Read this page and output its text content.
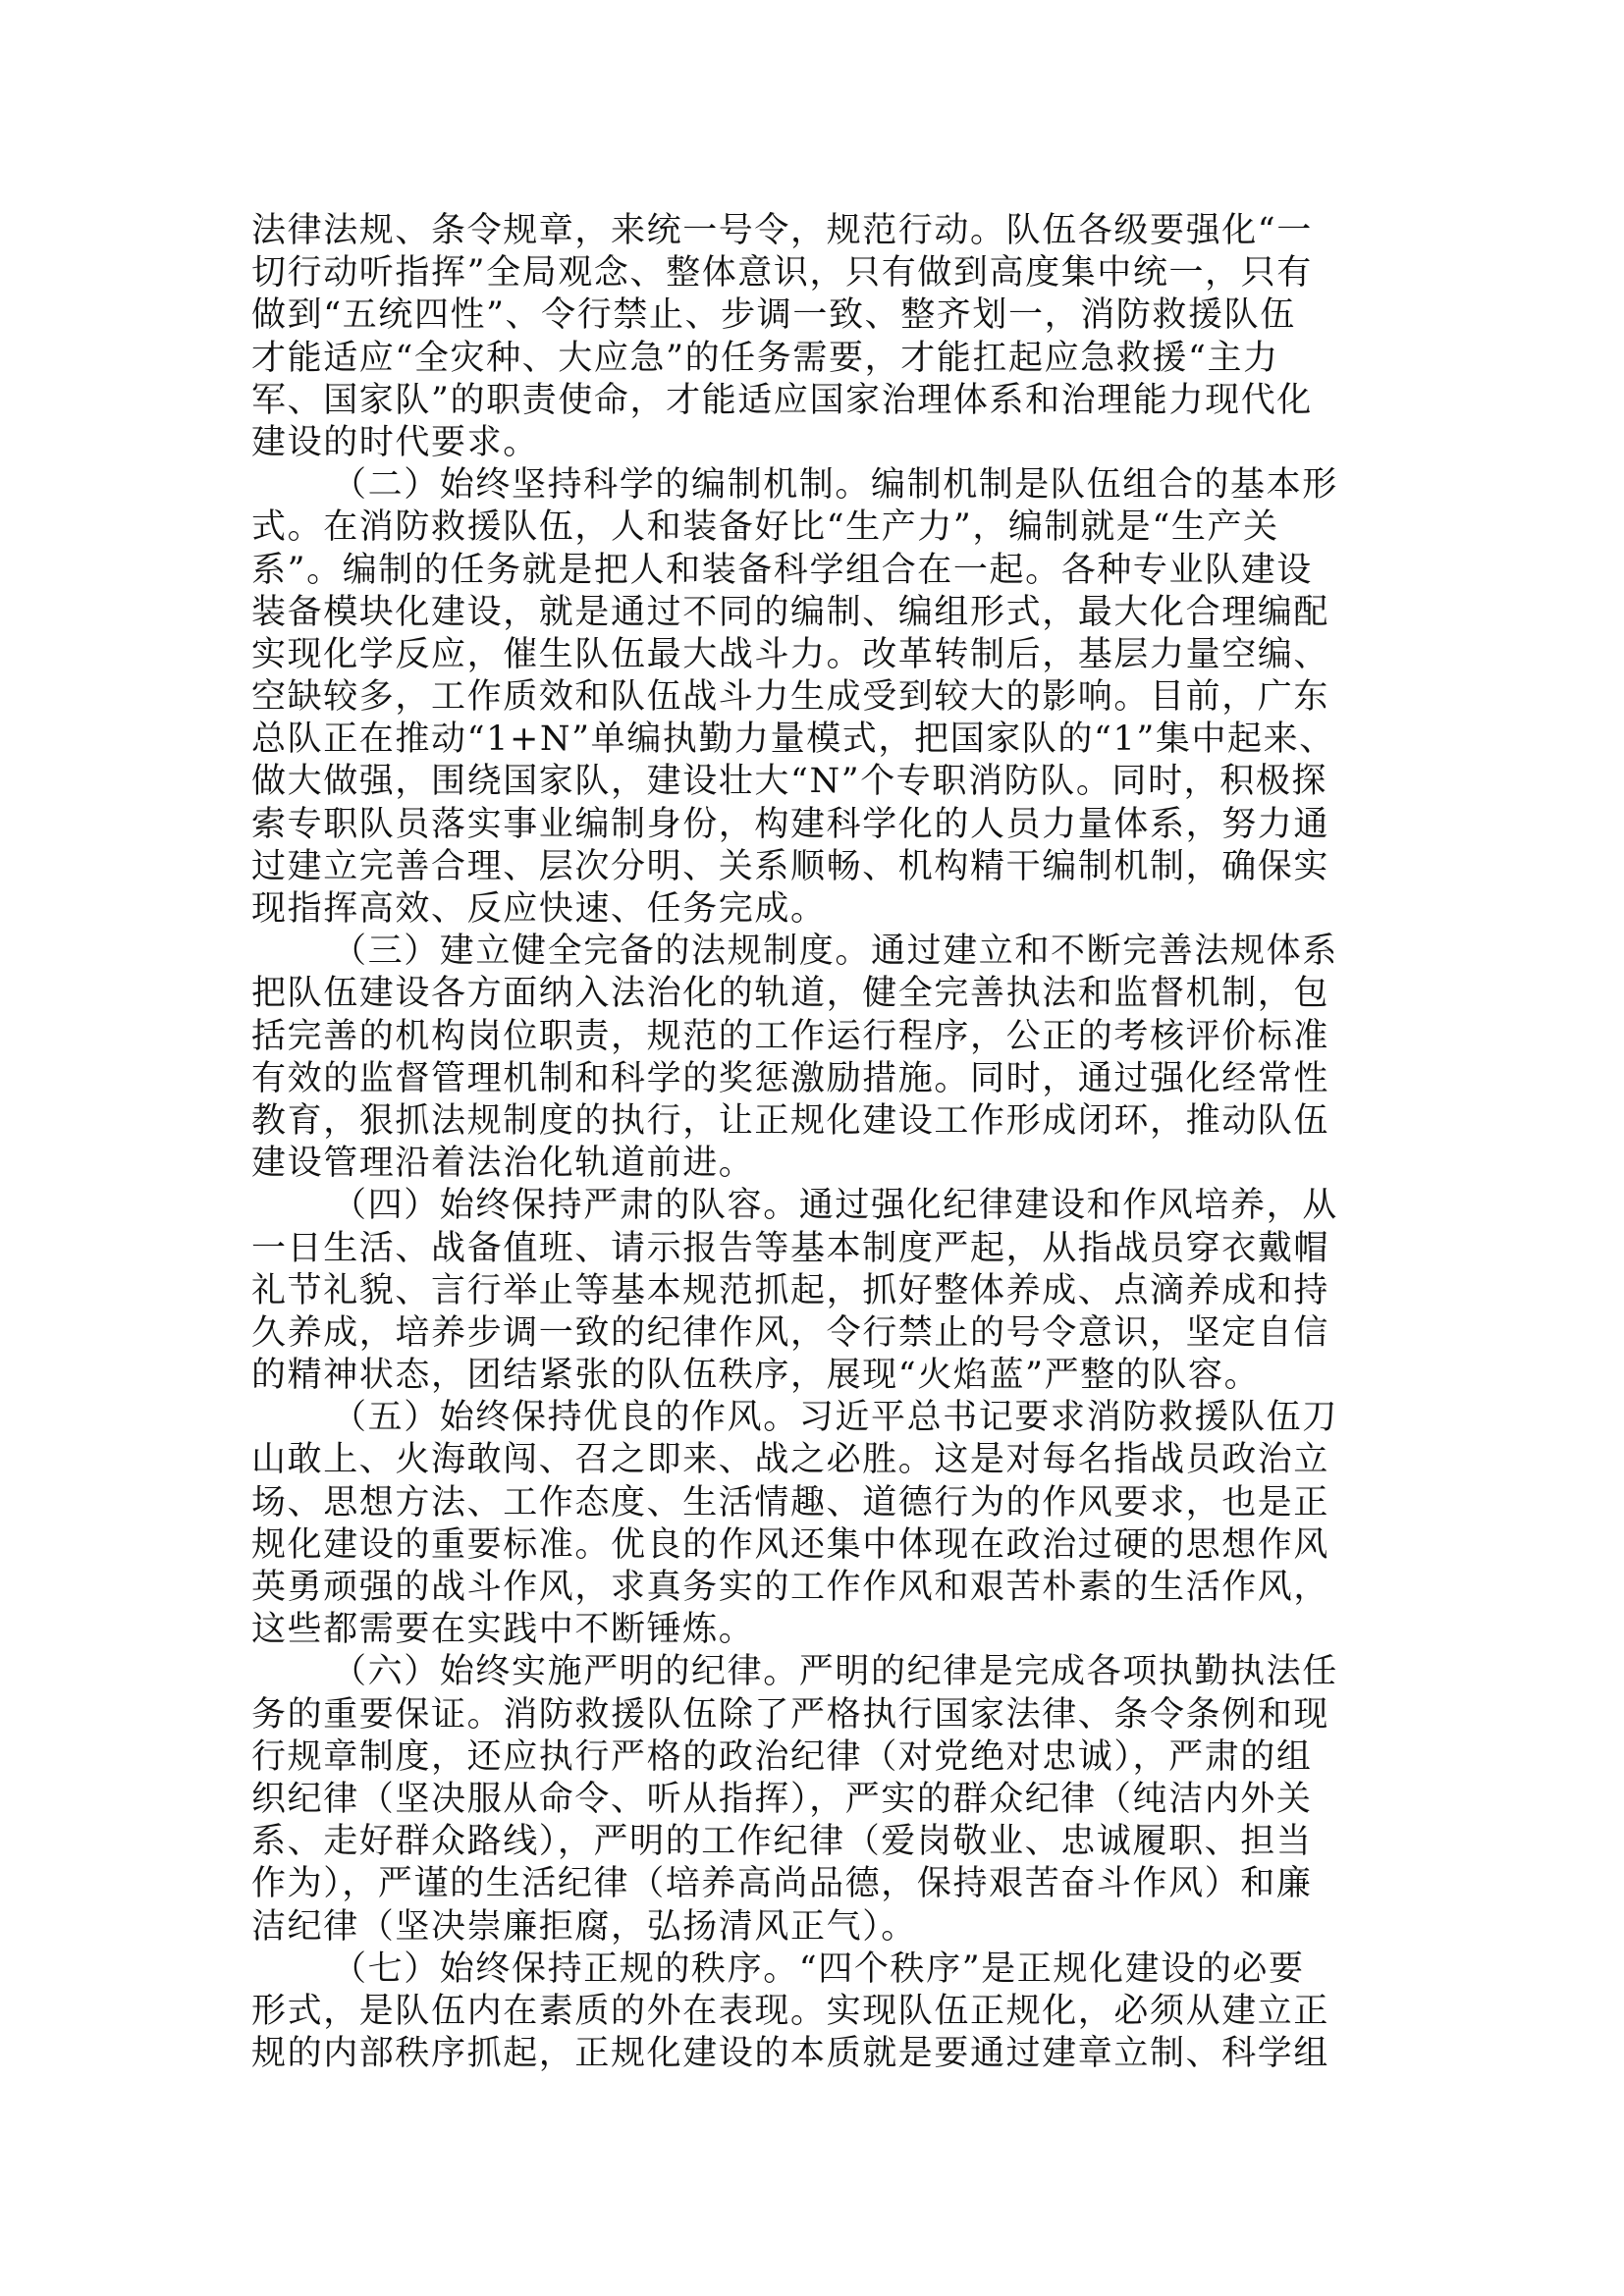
法律法规、条令规章，来统一号令，规范行动。队伍各级要强化“一
切行动听指挥”全局观念、整体意识，只有做到高度集中统一，只有
做到“五统四性”、令行禁止、步调一致、整齐划一，消防救援队伍
才能适应“全灾种、大应急”的任务需要，才能扛起应急救援“主力
军、国家队”的职责使命，才能适应国家治理体系和治理能力现代化
建设的时代要求。
（二）始终坚持科学的编制机制。编制机制是队伍组合的基本形
式。在消防救援队伍，人和装备好比“生产力”，编制就是“生产关
系”。编制的任务就是把人和装备科学组合在一起。各种专业队建设
装备模块化建设，就是通过不同的编制、编组形式，最大化合理编配
实现化学反应，催生队伍最大战斗力。改革转制后，基层力量空编、
空缺较多，工作质效和队伍战斗力生成受到较大的影响。目前，广东
总队正在推动“1+N”单编执勤力量模式，把国家队的“1”集中起来、
做大做强，围绕国家队，建设壮大“N”个专职消防队。同时，积极探
索专职队员落实事业编制身份，构建科学化的人员力量体系，努力通
过建立完善合理、层次分明、关系顺畅、机构精干编制机制，确保实
现指挥高效、反应快速、任务完成。
（三）建立健全完备的法规制度。通过建立和不断完善法规体系
把队伍建设各方面纳入法治化的轨道，健全完善执法和监督机制，包
括完善的机构岗位职责，规范的工作运行程序，公正的考核评价标准
有效的监督管理机制和科学的奖惩激励措施。同时，通过强化经常性
教育，狠抓法规制度的执行，让正规化建设工作形成闭环，推动队伍
建设管理沿着法治化轨道前进。
（四）始终保持严肃的队容。通过强化纪律建设和作风培养，从
一日生活、战备值班、请示报告等基本制度严起，从指战员穿衣戴帽
礼节礼貌、言行举止等基本规范抓起，抓好整体养成、点滴养成和持
久养成，培养步调一致的纪律作风，令行禁止的号令意识，坚定自信
的精神状态，团结紧张的队伍秩序，展现“火焰蓝”严整的队容。
（五）始终保持优良的作风。习近平总书记要求消防救援队伍刀
山敢上、火海敢闯、召之即来、战之必胜。这是对每名指战员政治立
场、思想方法、工作态度、生活情趣、道德行为的作风要求，也是正
规化建设的重要标准。优良的作风还集中体现在政治过硬的思想作风
英勇顽强的战斗作风，求真务实的工作作风和艰苦朴素的生活作风，
这些都需要在实践中不断锤炼。
（六）始终实施严明的纪律。严明的纪律是完成各项执勤执法任
务的重要保证。消防救援队伍除了严格执行国家法律、条令条例和现
行规章制度，还应执行严格的政治纪律（对党绝对忠诚），严肃的组
织纪律（坚决服从命令、听从指挥），严实的群众纪律（纯洁内外关
系、走好群众路线），严明的工作纪律（爱岗敬业、忠诚履职、担当
作为），严谨的生活纪律（培养高尚品德，保持艰苦奋斗作风）和廉
洁纪律（坚决崇廉拒腐，弘扬清风正气）。
（七）始终保持正规的秩序。“四个秩序”是正规化建设的必要
形式，是队伍内在素质的外在表现。实现队伍正规化，必须从建立正
规的内部秩序抓起，正规化建设的本质就是要通过建章立制、科学组
